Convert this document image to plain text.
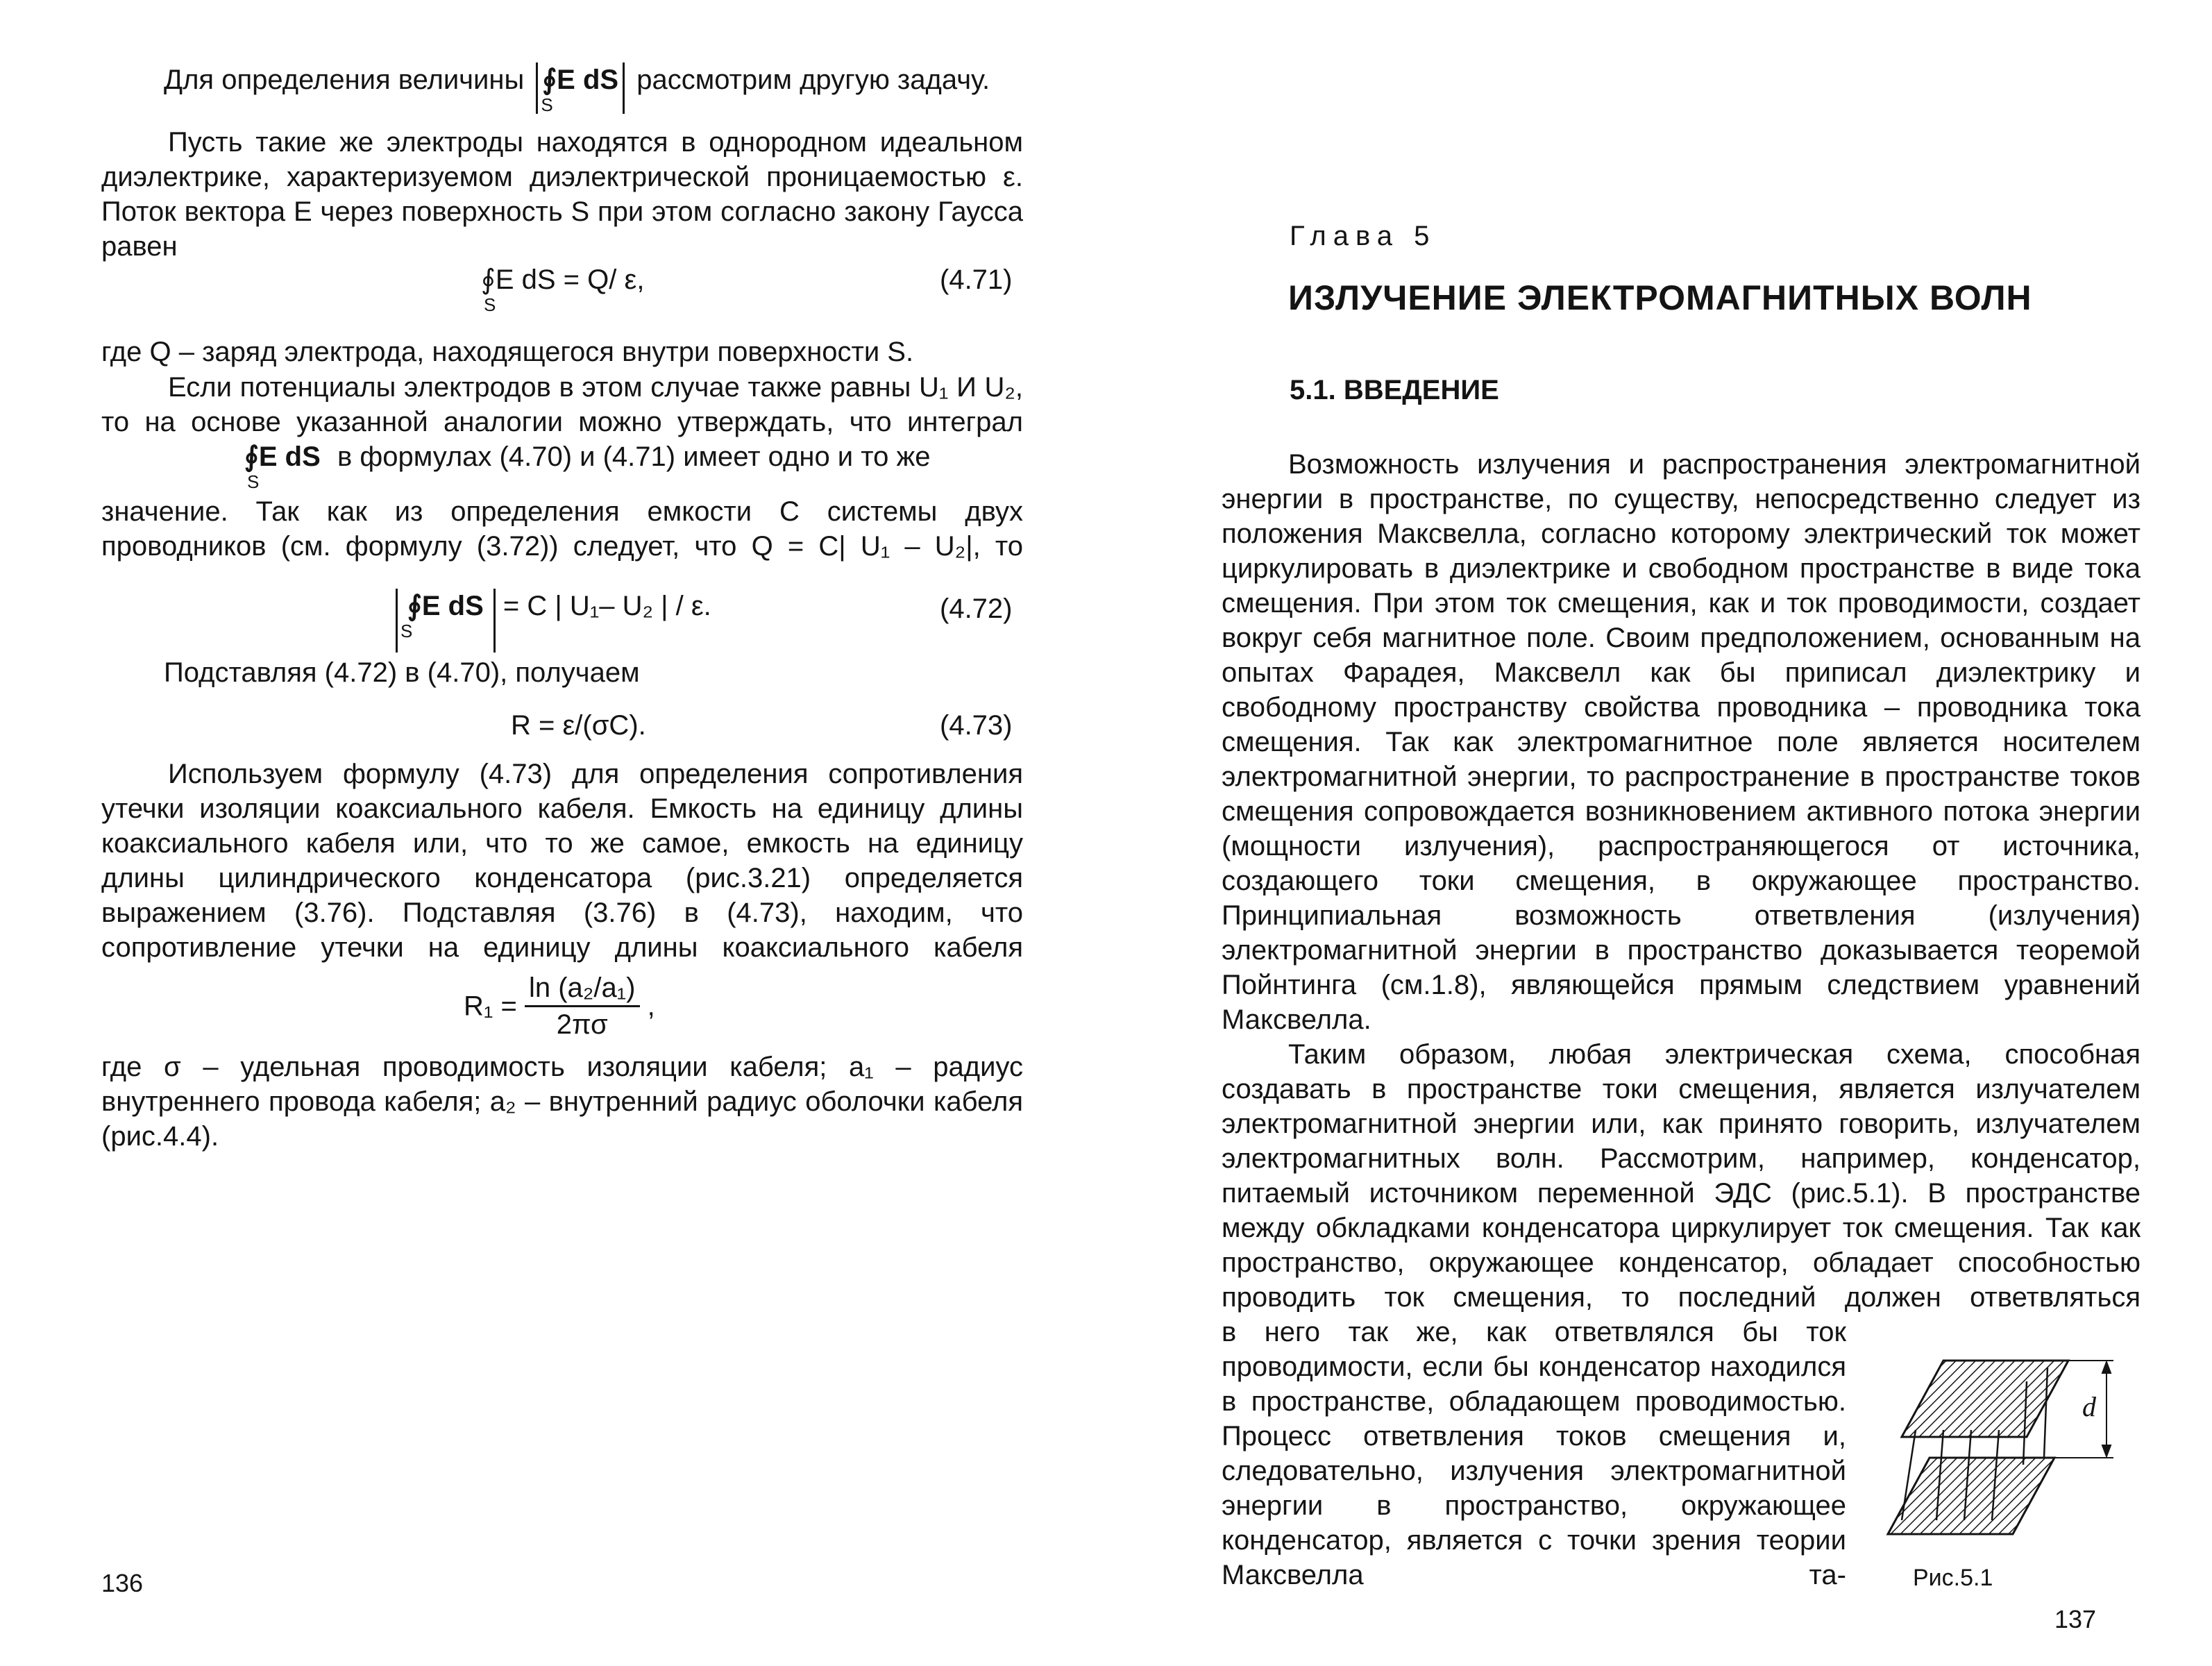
Для определения величины ∮E dS
S
рассмотрим другую задачу.

Пусть такие же электроды находятся в однородном идеальном диэлектрике, характеризуемом диэлектрической проницаемостью ε. Поток вектора E через поверхность S при этом согласно закону Гаусса равен

∮E dS = Q/ ε,
S
(4.71)

где Q – заряд электрода, находящегося внутри поверхности S.

Если потенциалы электродов в этом случае также равны U₁ И U₂, то на основе указанной аналогии можно утверждать, что интеграл

∮E dS
S
в формулах (4.70) и (4.71) имеет одно и то же

значение. Так как из определения емкости C системы двух проводников (см. формулу (3.72)) следует, что Q = C| U₁ – U₂|, то

∮E dS
S
= C | U₁– U₂ | / ε.	(4.72)
Подставляя (4.72) в (4.70), получаем
R = ε/(σC).	(4.73)

Используем формулу (4.73) для определения сопротивления утечки изоляции коаксиального кабеля. Емкость на единицу длины коаксиального кабеля или, что то же самое, емкость на единицу длины цилиндрического конденсатора (рис.3.21) определяется выражением (3.76). Подставляя (3.76) в (4.73), находим, что сопротивление утечки на единицу длины коаксиального кабеля

$R_1 = \frac{\text{ln (a₂/a₁)}}{2\pi\sigma}$ ,

где σ – удельная проводимость изоляции кабеля; a₁ – радиус внутреннего провода кабеля; a₂ – внутренний радиус оболочки кабеля (рис.4.4).

136
Глава 5
ИЗЛУЧЕНИЕ ЭЛЕКТРОМАГНИТНЫХ ВОЛН
5.1. ВВЕДЕНИЕ

Возможность излучения и распространения электромагнитной энергии в пространстве, по существу, непосредственно следует из положения Максвелла, согласно которому электрический ток может циркулировать в диэлектрике и свободном пространстве в виде тока смещения. При этом ток смещения, как и ток проводимости, создает вокруг себя магнитное поле. Своим предположением, основанным на опытах Фарадея, Максвелл как бы приписал диэлектрику и свободному пространству свойства проводника – проводника тока смещения. Так как электромагнитное поле является носителем электромагнитной энергии, то распространение в пространстве токов смещения сопровождается возникновением активного потока энергии (мощности излучения), распространяющегося от источника, создающего токи смещения, в окружающее пространство. Принципиальная возможность ответвления (излучения) электромагнитной энергии в пространство доказывается теоремой Пойнтинга (см.1.8), являющейся прямым следствием уравнений Максвелла.

Таким образом, любая электрическая схема, способная создавать в пространстве токи смещения, является излучателем электромагнитной энергии или, как принято говорить, излучателем электромагнитных волн. Рассмотрим, например, конденсатор, питаемый источником переменной ЭДС (рис.5.1). В пространстве между обкладками конденсатора циркулирует ток смещения. Так как пространство, окружающее конденсатор, обладает способностью проводить ток смещения, то последний должен ответвляться

в него так же, как ответвлялся бы ток проводимости, если бы конденсатор находился в пространстве, обладающем проводимостью. Процесс ответвления токов смещения и, следовательно, излучения электромагнитной энергии в пространство, окружающее конденсатор, является с точки зрения теории Максвелла та-

d
Рис.5.1
137
